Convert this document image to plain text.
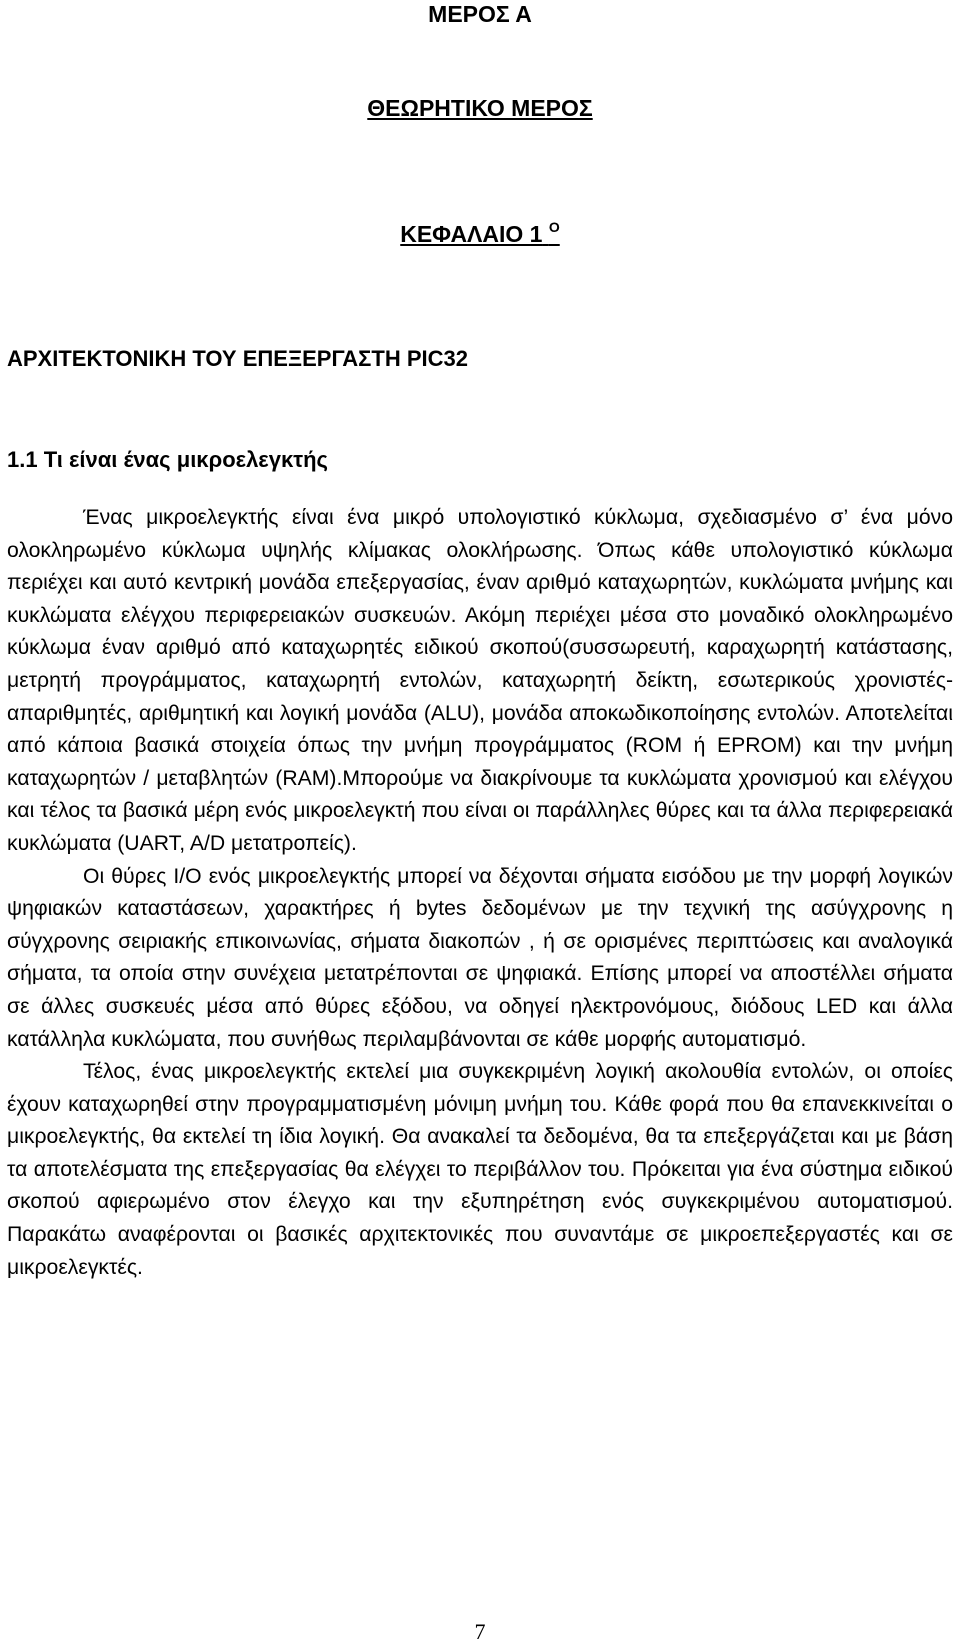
ΜΕΡΟΣ Α
ΘΕΩΡΗΤΙΚΟ ΜΕΡΟΣ
ΚΕΦΑΛΑΙΟ 1 $^O$
ΑΡΧΙΤΕΚΤΟΝΙΚΗ ΤΟΥ ΕΠΕΞΕΡΓΑΣΤΗ PIC32
1.1 Τι είναι ένας μικροελεγκτής

Ένας μικροελεγκτής είναι ένα μικρό υπολογιστικό κύκλωμα, σχεδιασμένο σ’ ένα μόνο ολοκληρωμένο κύκλωμα υψηλής κλίμακας ολοκλήρωσης. Όπως κάθε υπολογιστικό κύκλωμα περιέχει και αυτό κεντρική μονάδα επεξεργασίας, έναν αριθμό καταχωρητών, κυκλώματα μνήμης και κυκλώματα ελέγχου περιφερειακών συσκευών. Ακόμη περιέχει μέσα στο μοναδικό ολοκληρωμένο κύκλωμα έναν αριθμό από καταχωρητές ειδικού σκοπού(συσσωρευτή, καραχωρητή κατάστασης, μετρητή προγράμματος, καταχωρητή εντολών, καταχωρητή δείκτη, εσωτερικούς χρονιστές-απαριθμητές, αριθμητική και λογική μονάδα (ALU), μονάδα αποκωδικοποίησης εντολών. Αποτελείται από κάποια βασικά στοιχεία όπως την μνήμη προγράμματος (ROM ή EPROM) και την μνήμη καταχωρητών / μεταβλητών (RAM).Μπορούμε να διακρίνουμε τα κυκλώματα χρονισμού και ελέγχου και τέλος τα βασικά μέρη ενός μικροελεγκτή που είναι οι παράλληλες θύρες και τα άλλα περιφερειακά κυκλώματα (UART, A/D μετατροπείς).

Οι θύρες I/O ενός μικροελεγκτής μπορεί να δέχονται σήματα εισόδου με την μορφή λογικών ψηφιακών καταστάσεων, χαρακτήρες ή bytes δεδομένων με την τεχνική της ασύγχρονης η σύγχρονης σειριακής επικοινωνίας, σήματα διακοπών , ή σε ορισμένες περιπτώσεις και αναλογικά σήματα, τα οποία στην συνέχεια μετατρέπονται σε ψηφιακά. Επίσης μπορεί να αποστέλλει σήματα σε άλλες συσκευές μέσα από θύρες εξόδου, να οδηγεί ηλεκτρονόμους, διόδους LED και άλλα κατάλληλα κυκλώματα, που συνήθως περιλαμβάνονται σε κάθε μορφής αυτοματισμό.

Τέλος, ένας μικροελεγκτής εκτελεί μια συγκεκριμένη λογική ακολουθία εντολών, οι οποίες έχουν καταχωρηθεί στην προγραμματισμένη μόνιμη μνήμη του. Κάθε φορά που θα επανεκκινείται ο μικροελεγκτής, θα εκτελεί τη ίδια λογική. Θα ανακαλεί τα δεδομένα, θα τα επεξεργάζεται και με βάση τα αποτελέσματα της επεξεργασίας θα ελέγχει το περιβάλλον του. Πρόκειται για ένα σύστημα ειδικού σκοπού αφιερωμένο στον έλεγχο και την εξυπηρέτηση ενός συγκεκριμένου αυτοματισμού. Παρακάτω αναφέρονται οι βασικές αρχιτεκτονικές που συναντάμε σε μικροεπεξεργαστές και σε μικροελεγκτές.

7
